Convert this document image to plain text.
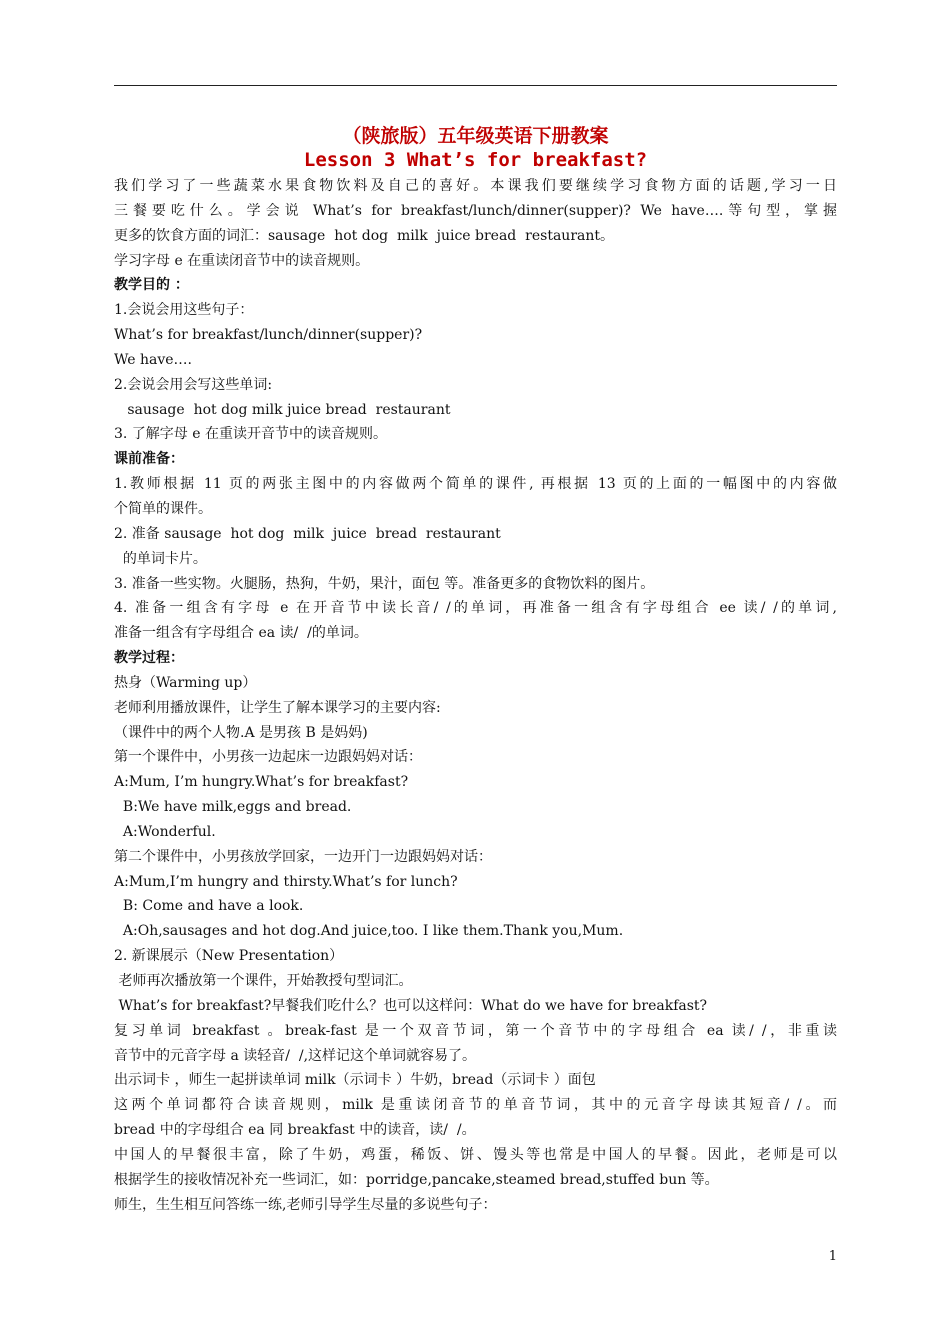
（陕旅版）五年级英语下册教案
Lesson 3 What’s for breakfast?
我们学习了一些蔬菜水果食物饮料及自己的喜好。本课我们要继续学习食物方面的话题,学习一日
三餐要吃什么。学会说 What’s for breakfast/lunch/dinner(supper)? We have….等句型，掌握
更多的饮食方面的词汇：sausage  hot dog  milk  juice bread  restaurant。
学习字母 e 在重读闭音节中的读音规则。
教学目的 ：
1.会说会用这些句子：
What’s for breakfast/lunch/dinner(supper)?
We have….
2.会说会用会写这些单词:
sausage  hot dog milk juice bread  restaurant
3. 了解字母 e 在重读开音节中的读音规则。
课前准备：
1.教师根据 11 页的两张主图中的内容做两个简单的课件, 再根据 13 页的上面的一幅图中的内容做
个简单的课件。
2. 准备 sausage  hot dog  milk  juice  bread  restaurant
的单词卡片。
3. 准备一些实物。火腿肠，热狗，牛奶，果汁，面包 等。准备更多的食物饮料的图片。
4. 准备一组含有字母 e 在开音节中读长音/ /的单词，再准备一组含有字母组合 ee 读/ /的单词,
准备一组含有字母组合 ea 读/  /的单词。
教学过程：
热身（Warming up）
老师利用播放课件，让学生了解本课学习的主要内容:
（课件中的两个人物.A 是男孩 B 是妈妈)
第一个课件中，小男孩一边起床一边跟妈妈对话：
A:Mum, I’m hungry.What’s for breakfast?
B:We have milk,eggs and bread.
A:Wonderful.
第二个课件中，小男孩放学回家，一边开门一边跟妈妈对话：
A:Mum,I’m hungry and thirsty.What’s for lunch?
B: Come and have a look.
A:Oh,sausages and hot dog.And juice,too. I like them.Thank you,Mum.
2. 新课展示（New Presentation）
老师再次播放第一个课件，开始教授句型词汇。
What’s for breakfast?早餐我们吃什么？也可以这样问：What do we have for breakfast?
复习单词 breakfast 。break-fast 是一个双音节词，第一个音节中的字母组合 ea 读/ /，非重读
音节中的元音字母 a 读轻音/  /,这样记这个单词就容易了。
出示词卡 ，师生一起拼读单词 milk（示词卡 ）牛奶，bread（示词卡 ）面包
这两个单词都符合读音规则，milk 是重读闭音节的单音节词，其中的元音字母读其短音/ /。而
bread 中的字母组合 ea 同 breakfast 中的读音，读/  /。
中国人的早餐很丰富，除了牛奶，鸡蛋，稀饭、饼、馒头等也常是中国人的早餐。因此，老师是可以
根据学生的接收情况补充一些词汇，如：porridge,pancake,steamed bread,stuffed bun 等。
师生，生生相互问答练一练,老师引导学生尽量的多说些句子：
1
